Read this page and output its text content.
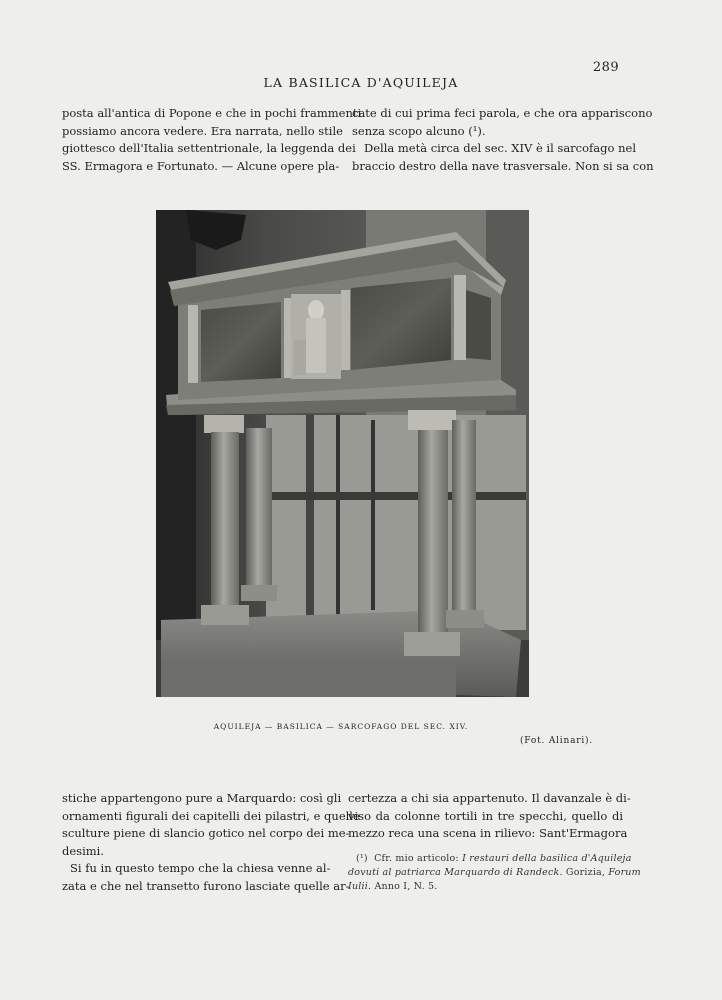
289
LA BASILICA D'AQUILEJA
posta all'antica di Popone e che in pochi frammenti
possiamo ancora vedere. Era narrata, nello stile
giottesco dell'Italia settentrionale, la leggenda dei
SS. Ermagora e Fortunato. — Alcune opere pla-
cate di cui prima feci parola, e che ora appariscono
senza scopo alcuno (¹).
Della metà circa del sec. XIV è il sarcofago nel
braccio destro della nave trasversale. Non si sa con
AQUILEJA — BASILICA — SARCOFAGO DEL SEC. XIV.
(Fot. Alinari).
stiche appartengono pure a Marquardo: così gli
ornamenti figurali dei capitelli dei pilastri, e quelle
sculture piene di slancio gotico nel corpo dei me-
desimi.
Si fu in questo tempo che la chiesa venne al-
zata e che nel transetto furono lasciate quelle ar-
certezza a chi sia appartenuto. Il davanzale è di-
viso da colonne tortili in tre specchi, quello di
mezzo reca una scena in rilievo: Sant'Ermagora
(¹) Cfr. mio articolo: I restauri della basilica d'Aquileja
dovuti al patriarca Marquardo di Randeck. Gorizia, Forum
Iulii. Anno I, N. 5.
